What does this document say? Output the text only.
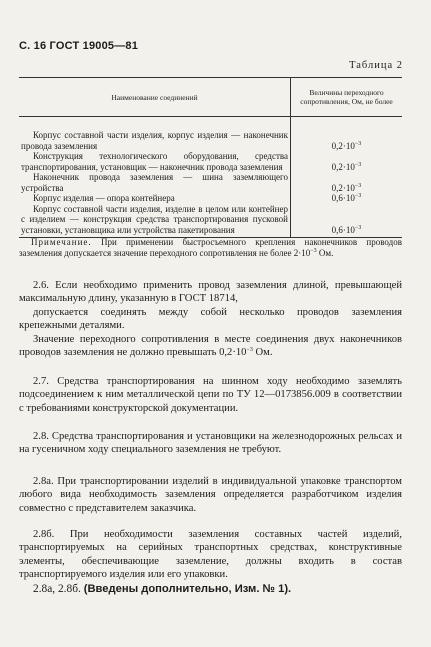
С. 16 ГОСТ 19005—81
Таблица 2
Наименование соединений	Величины переходного сопротивления, Ом, не более
Корпус составной части изделия, корпус изделия — наконечник провода заземления	$0,2\cdot 10^{-3}$
Конструкция технологического оборудования, средства транспортирования, установщик — наконечник провода заземления	$0,2\cdot 10^{-3}$
Наконечник провода заземления — шина заземляющего устройства	$0,2\cdot 10^{-3}$
Корпус изделия — опора контейнера	$0,6\cdot 10^{-3}$
Корпус составной части изделия, изделие в целом или контейнер с изделием — конструкция средства транспортирования пусковой установки, установщика или устройства пакетирования	$0,6\cdot 10^{-3}$
Примечание. При применении быстросъемного крепления наконечников проводов заземления допускается значение переходного сопротивления не более $2\cdot 10^{-3}$ Ом.
2.6. Если необходимо применить провод заземления длиной, превышающей максимальную длину, указанную в ГОСТ 18714,
допускается соединять между собой несколько проводов заземления крепежными деталями.
Значение переходного сопротивления в месте соединения двух наконечников проводов заземления не должно превышать $0,2\cdot 10^{-3}$ Ом.
2.7. Средства транспортирования на шинном ходу необходимо заземлять подсоединением к ним металлической цепи по ТУ 12—0173856.009 в соответствии с требованиями конструкторской документации.
2.8. Средства транспортирования и установщики на железнодорожных рельсах и на гусеничном ходу специального заземления не требуют.
2.8а. При транспортировании изделий в индивидуальной упаковке транспортом любого вида необходимость заземления определяется разработчиком изделия совместно с представителем заказчика.
2.8б. При необходимости заземления составных частей изделий, транспортируемых на серийных транспортных средствах, конструктивные элементы, обеспечивающие заземление, должны входить в состав транспортируемого изделия или его упаковки.
2.8а, 2.8б. (Введены дополнительно, Изм. № 1).
